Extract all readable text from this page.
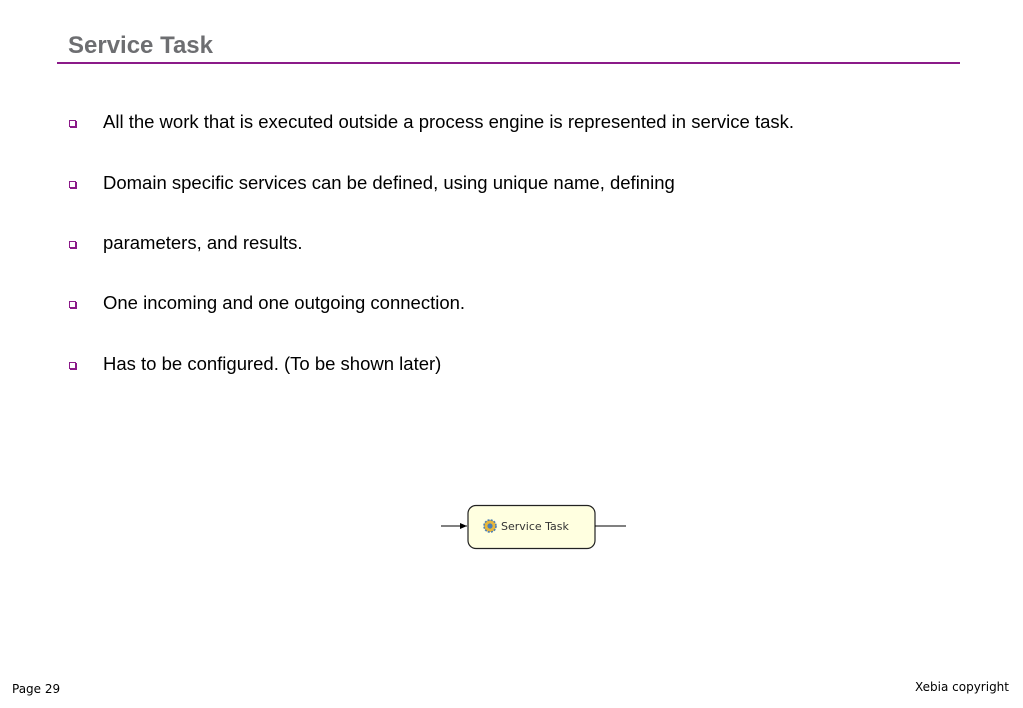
Service Task
All the work that is executed outside a process engine is represented in service task.
Domain specific services can be defined, using unique name, defining
parameters, and results.
One incoming and one outgoing connection.
Has to be configured. (To be shown later)
Service Task
Page 29	Xebia copyright
